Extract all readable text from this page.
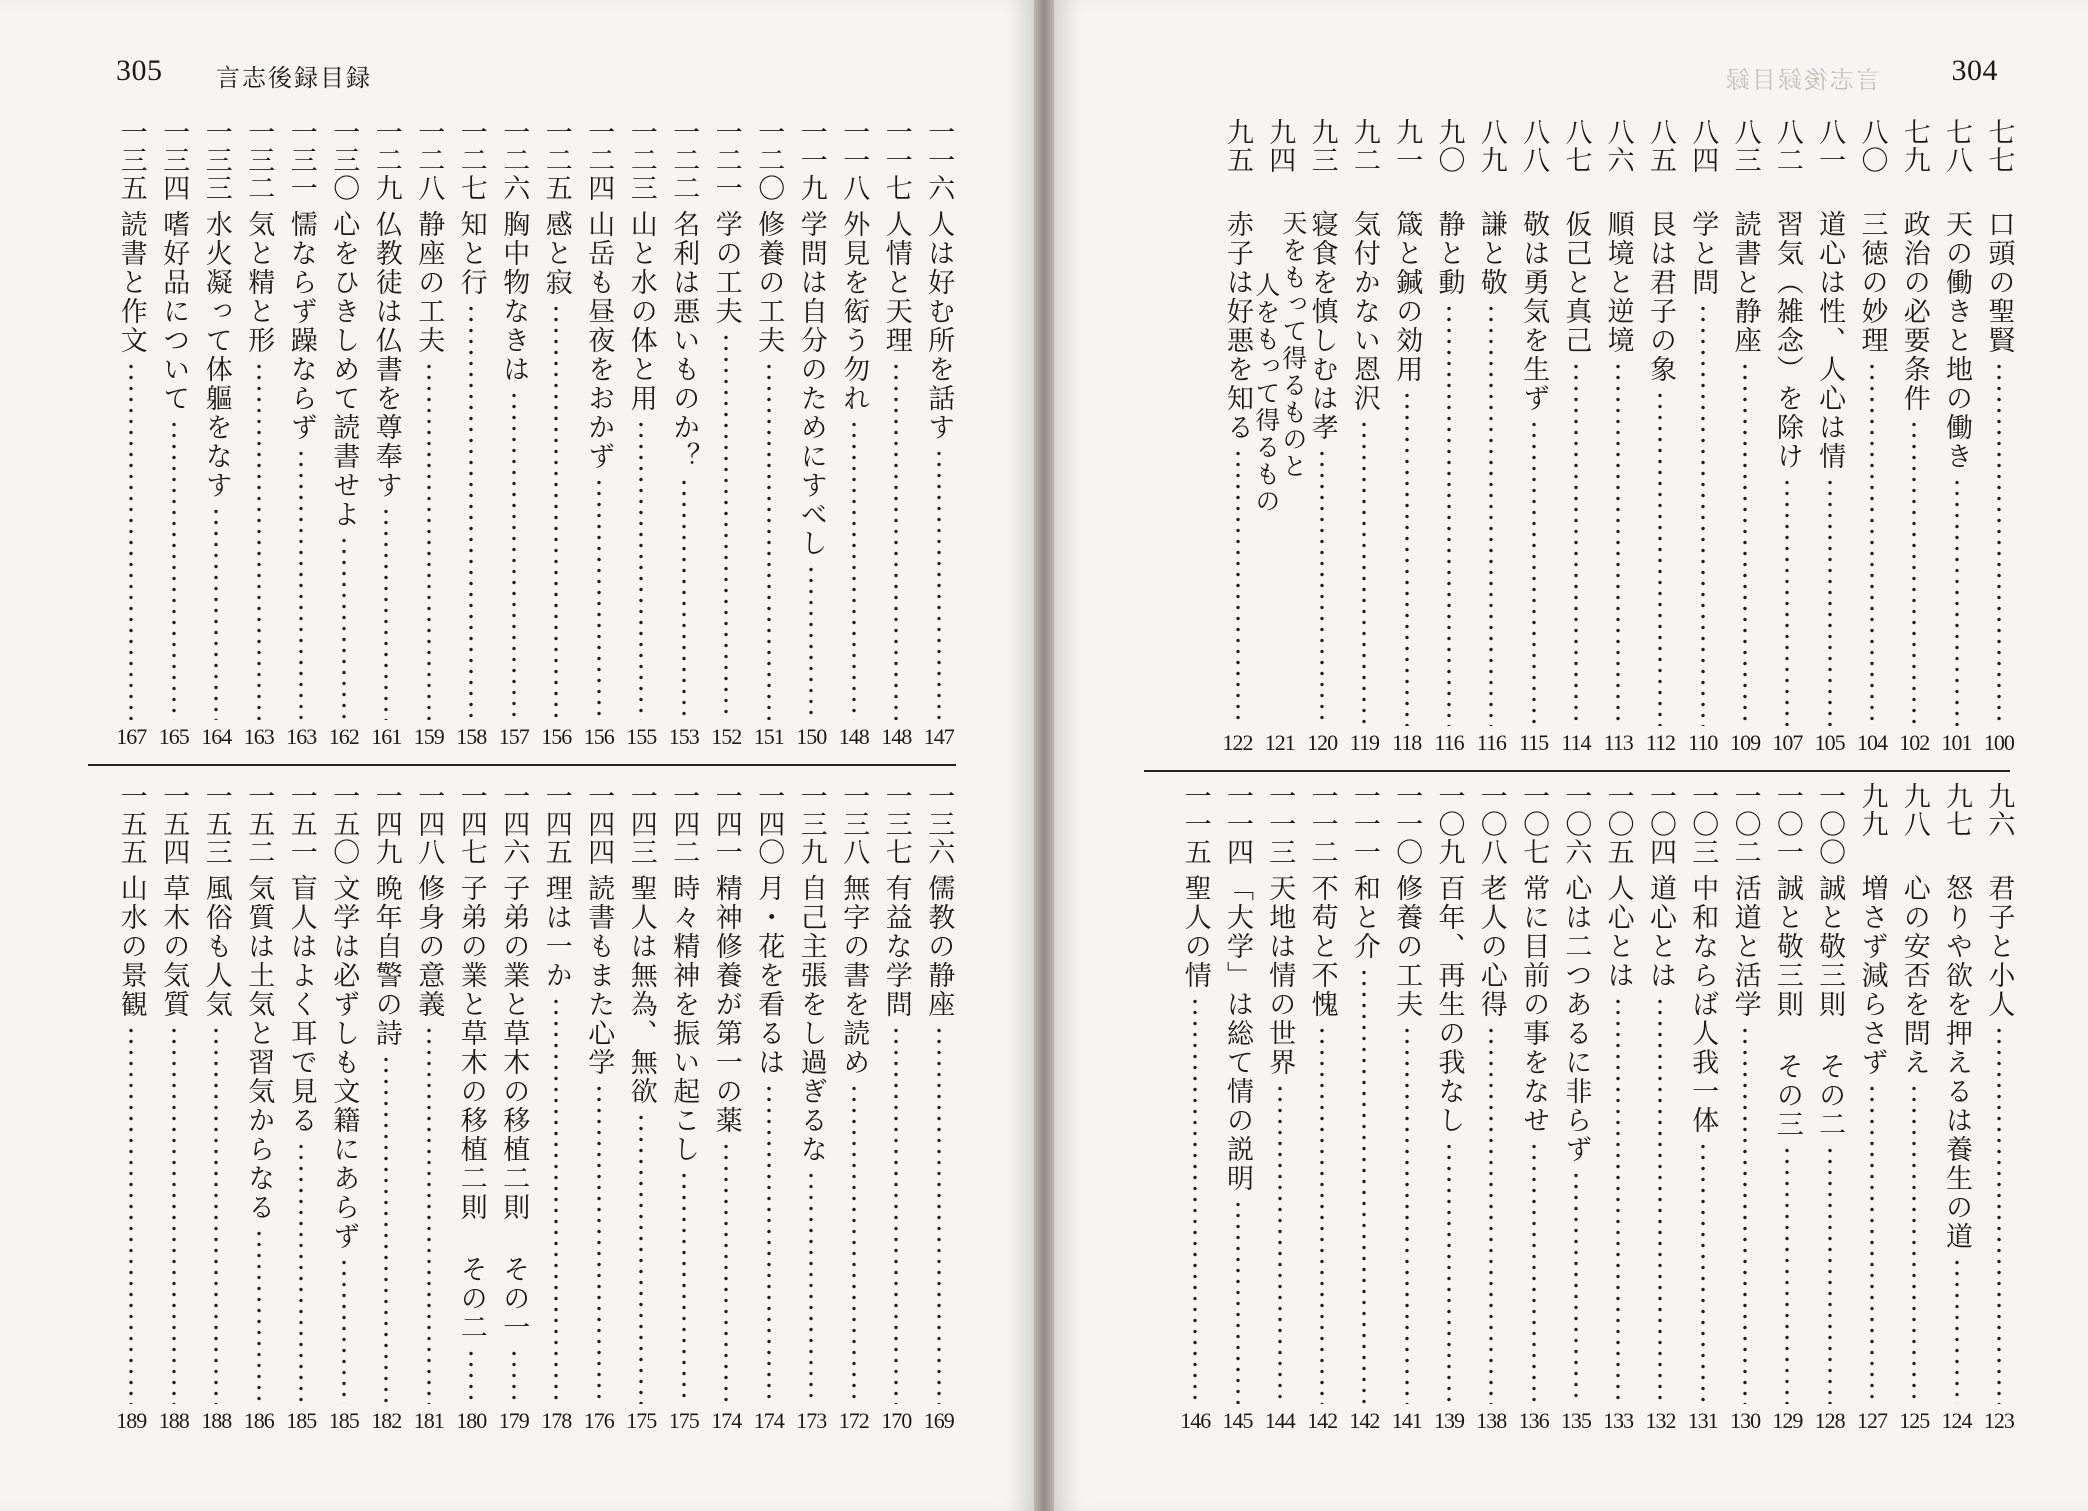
305 言志後録目録
一一六
人は好む所を話す
147
一一七
人情と天理
148
一一八
外見を衒う勿れ
148
一一九
学問は自分のためにすべし
150
一二〇
修養の工夫
151
一二一
学の工夫
152
一二二
名利は悪いものか？
153
一二三
山と水の体と用
155
一二四
山岳も昼夜をおかず
156
一二五
感と寂
156
一二六
胸中物なきは
157
一二七
知と行
158
一二八
静座の工夫
159
一二九
仏教徒は仏書を尊奉す
161
一三〇
心をひきしめて読書せよ
162
一三一
懦ならず躁ならず
163
一三二
気と精と形
163
一三三
水火凝って体軀をなす
164
一三四
嗜好品について
165
一三五
読書と作文
167
一三六
儒教の静座
169
一三七
有益な学問
170
一三八
無字の書を読め
172
一三九
自己主張をし過ぎるな
173
一四〇
月・花を看るは
174
一四一
精神修養が第一の薬
174
一四二
時々精神を振い起こし
175
一四三
聖人は無為、無欲
175
一四四
読書もまた心学
176
一四五
理は一か
178
一四六
子弟の業と草木の移植二則 その一
179
一四七
子弟の業と草木の移植二則 その二
180
一四八
修身の意義
181
一四九
晩年自警の詩
182
一五〇
文学は必ずしも文籍にあらず
185
一五一
盲人はよく耳で見る
185
一五二
気質は土気と習気からなる
186
一五三
風俗も人気
188
一五四
草木の気質
188
一五五
山水の景観
189
言志後録目録 304
七七
口頭の聖賢
100
七八
天の働きと地の働き
101
七九
政治の必要条件
102
八〇
三徳の妙理
104
八一
道心は性、人心は情
105
八二
習気（雑念）を除け
107
八三
読書と静座
109
八四
学と問
110
八五
艮は君子の象
112
八六
順境と逆境
113
八七
仮己と真己
114
八八
敬は勇気を生ず
115
八九
謙と敬
116
九〇
静と動
116
九一
箴と鍼の効用
118
九二
気付かない恩沢
119
九三
寝食を慎しむは孝
120
九四
天をもって得るものと
人をもって得るもの
121
九五
赤子は好悪を知る
122
九六
君子と小人
123
九七
怒りや欲を押えるは養生の道
124
九八
心の安否を問え
125
九九
増さず減らさず
127
一〇〇
誠と敬三則 その二
128
一〇一
誠と敬三則 その三
129
一〇二
活道と活学
130
一〇三
中和ならば人我一体
131
一〇四
道心とは
132
一〇五
人心とは
133
一〇六
心は二つあるに非らず
135
一〇七
常に目前の事をなせ
136
一〇八
老人の心得
138
一〇九
百年、再生の我なし
139
一一〇
修養の工夫
141
一一一
和と介
142
一一二
不苟と不愧
142
一一三
天地は情の世界
144
一一四
「大学」は総て情の説明
145
一一五
聖人の情
146
